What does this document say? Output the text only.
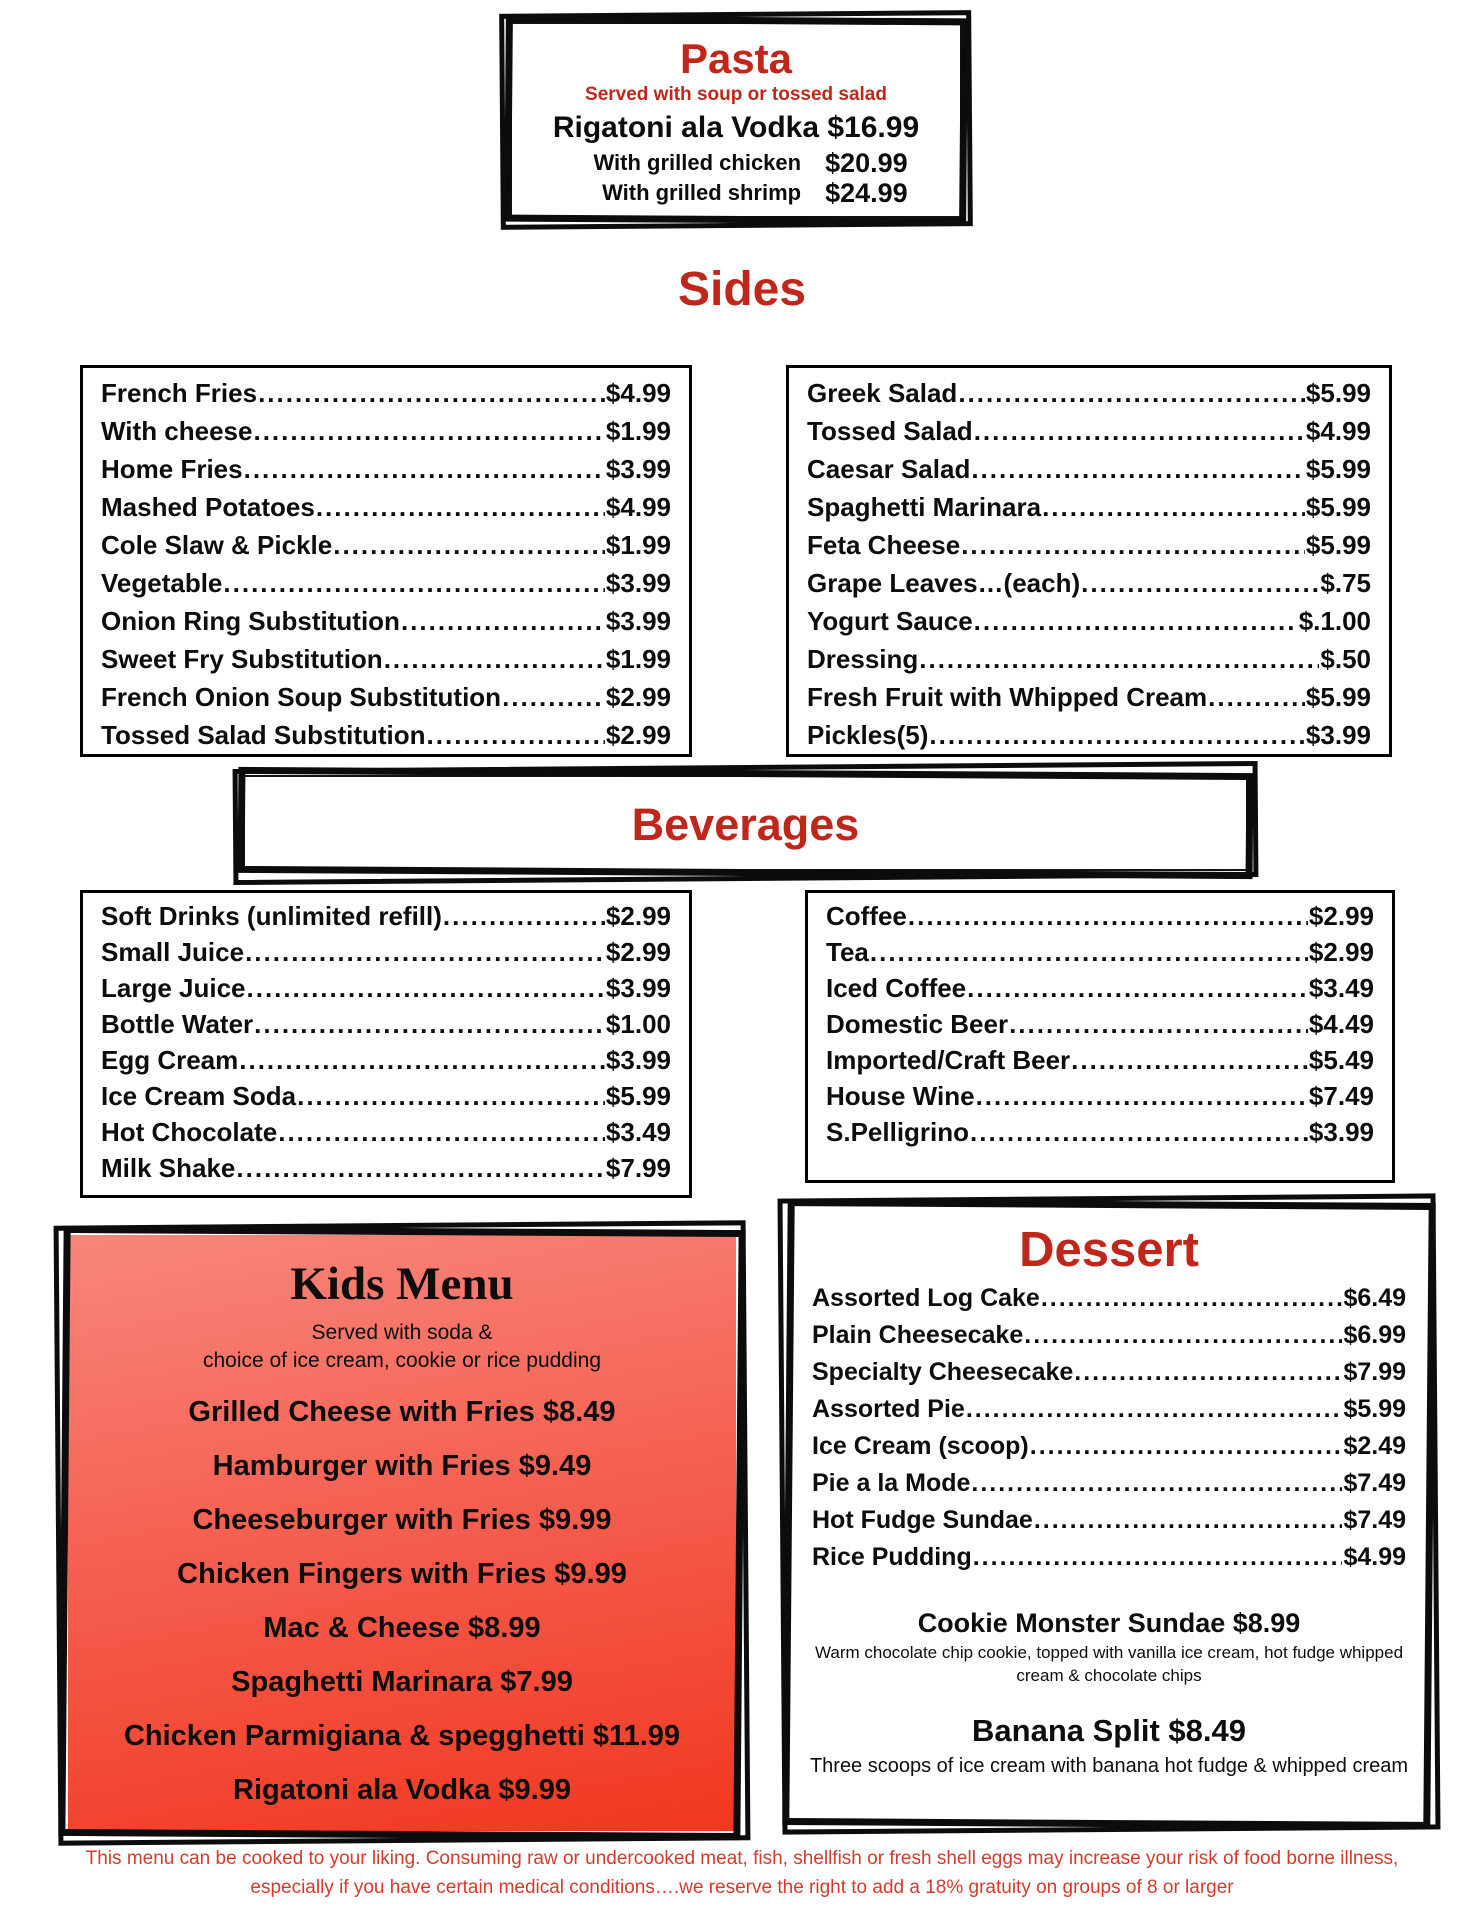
Pasta
Served with soup or tossed salad
Rigatoni ala Vodka $16.99
With grilled chicken $20.99
With grilled shrimp $24.99
Sides
French Fries .....	$4.99
With cheese .....	$1.99
Home Fries .....	$3.99
Mashed Potatoes .....	$4.99
Cole Slaw & Pickle .....	$1.99
Vegetable .....	$3.99
Onion Ring Substitution .....	$3.99
Sweet Fry Substitution .....	$1.99
French Onion Soup Substitution .....	$2.99
Tossed Salad Substitution .....	$2.99
Greek Salad .....	$5.99
Tossed Salad .....	$4.99
Caesar Salad .....	$5.99
Spaghetti Marinara .....	$5.99
Feta Cheese .....	$5.99
Grape Leaves…(each) .....	$.75
Yogurt Sauce .....	$.1.00
Dressing .....	$.50
Fresh Fruit with Whipped Cream .....	$5.99
Pickles(5) .....	$3.99
Beverages
Soft Drinks (unlimited refill) .....	$2.99
Small Juice .....	$2.99
Large Juice .....	$3.99
Bottle Water .....	$1.00
Egg Cream .....	$3.99
Ice Cream Soda .....	$5.99
Hot Chocolate .....	$3.49
Milk Shake .....	$7.99
Coffee .....	$2.99
Tea .....	$2.99
Iced Coffee .....	$3.49
Domestic Beer .....	$4.49
Imported/Craft Beer .....	$5.49
House Wine .....	$7.49
S.Pelligrino .....	$3.99
Kids Menu
Served with soda &
choice of ice cream, cookie or rice pudding
Grilled Cheese with Fries $8.49
Hamburger with Fries $9.49
Cheeseburger with Fries $9.99
Chicken Fingers with Fries $9.99
Mac & Cheese $8.99
Spaghetti Marinara $7.99
Chicken Parmigiana & spegghetti $11.99
Rigatoni ala Vodka $9.99
Dessert
Assorted Log Cake .....	$6.49
Plain Cheesecake .....	$6.99
Specialty Cheesecake .....	$7.99
Assorted Pie .....	$5.99
Ice Cream (scoop) .....	$2.49
Pie a la Mode .....	$7.49
Hot Fudge Sundae .....	$7.49
Rice Pudding .....	$4.99
Cookie Monster Sundae $8.99
Warm chocolate chip cookie, topped with vanilla ice cream, hot fudge whipped cream & chocolate chips
Banana Split $8.49
Three scoops of ice cream with banana hot fudge & whipped cream
This menu can be cooked to your liking. Consuming raw or undercooked meat, fish, shellfish or fresh shell eggs may increase your risk of food borne illness,
especially if you have certain medical conditions….we reserve the right to add a 18% gratuity on groups of 8 or larger
